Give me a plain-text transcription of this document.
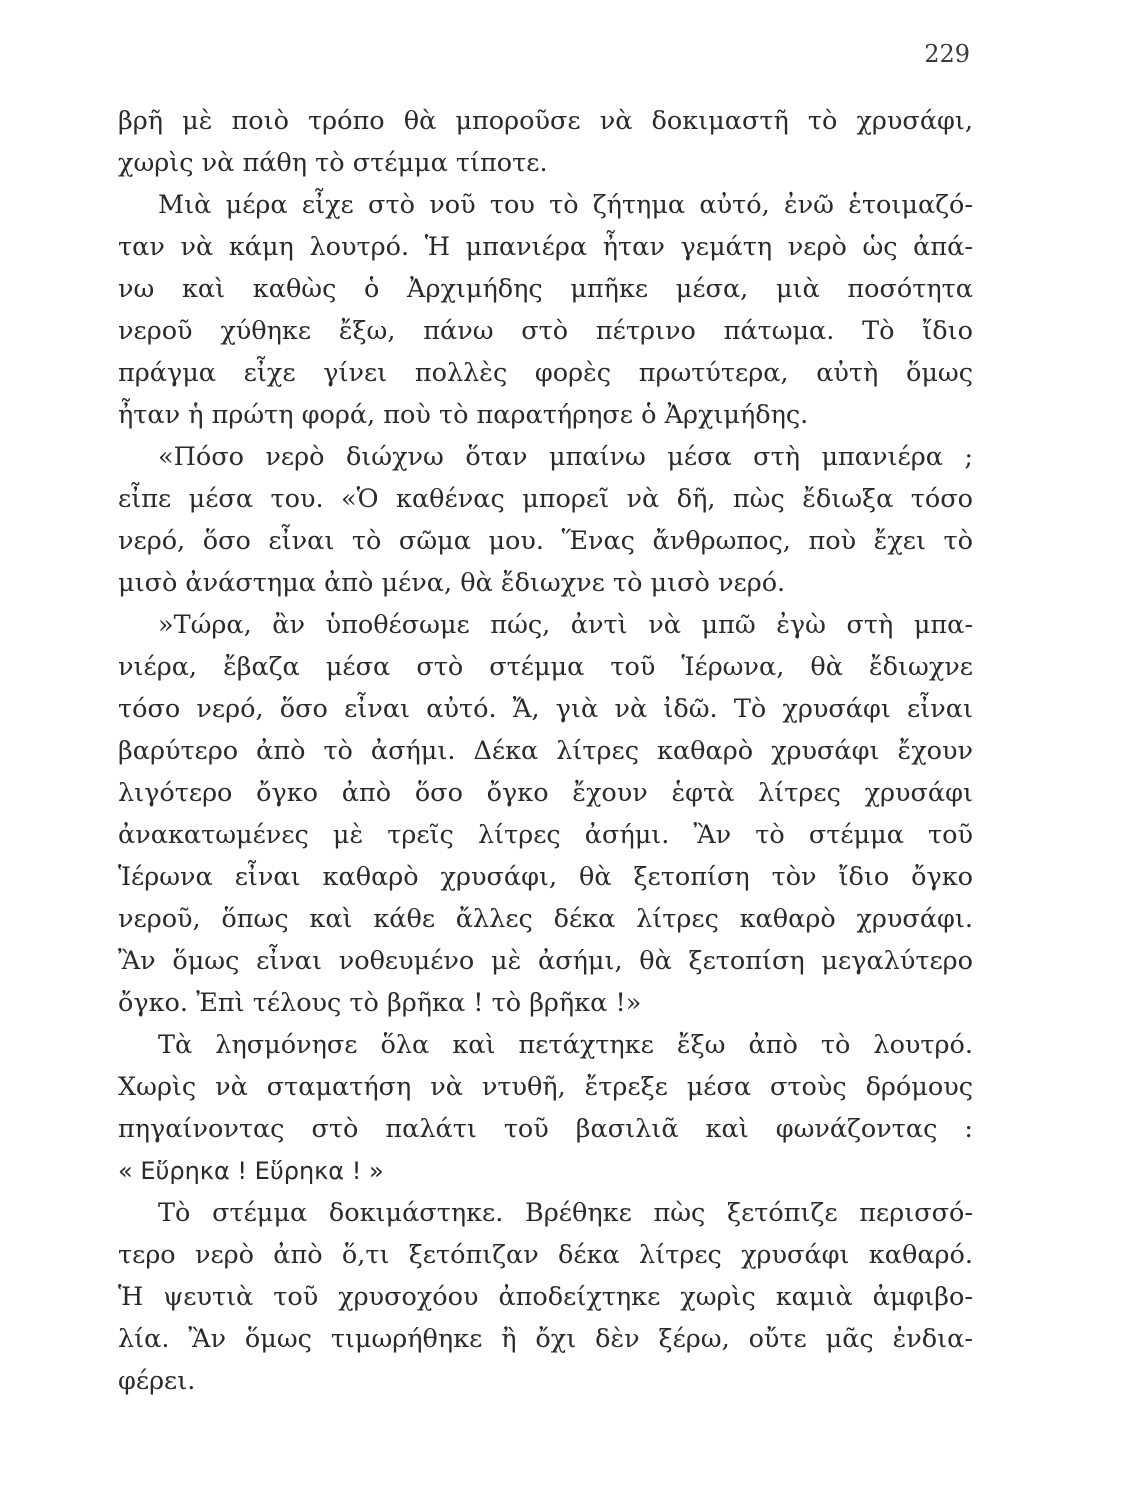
229
βρῆ μὲ ποιὸ τρόπο θὰ μποροῦσε νὰ δοκιμαστῆ τὸ χρυσάφι,
χωρὶς νὰ πάθη τὸ στέμμα τίποτε.
Μιὰ μέρα εἶχε στὸ νοῦ του τὸ ζήτημα αὐτό, ἐνῶ ἑτοιμαζό-
ταν νὰ κάμη λουτρό. Ἡ μπανιέρα ἦταν γεμάτη νερὸ ὡς ἀπά-
νω καὶ καθὼς ὁ Ἀρχιμήδης μπῆκε μέσα, μιὰ ποσότητα
νεροῦ χύθηκε ἔξω, πάνω στὸ πέτρινο πάτωμα. Τὸ ἴδιο
πράγμα εἶχε γίνει πολλὲς φορὲς πρωτύτερα, αὐτὴ ὅμως
ἦταν ἡ πρώτη φορά, ποὺ τὸ παρατήρησε ὁ Ἀρχιμήδης.
«Πόσο νερὸ διώχνω ὅταν μπαίνω μέσα στὴ μπανιέρα ;
εἶπε μέσα του. «Ὁ καθένας μπορεῖ νὰ δῆ, πὼς ἔδιωξα τόσο
νερό, ὅσο εἶναι τὸ σῶμα μου. Ἕνας ἄνθρωπος, ποὺ ἔχει τὸ
μισὸ ἀνάστημα ἀπὸ μένα, θὰ ἔδιωχνε τὸ μισὸ νερό.
»Τώρα, ἂν ὑποθέσωμε πώς, ἀντὶ νὰ μπῶ ἐγὼ στὴ μπα-
νιέρα, ἔβαζα μέσα στὸ στέμμα τοῦ Ἱέρωνα, θὰ ἔδιωχνε
τόσο νερό, ὅσο εἶναι αὐτό. Ἄ, γιὰ νὰ ἰδῶ. Τὸ χρυσάφι εἶναι
βαρύτερο ἀπὸ τὸ ἀσήμι. Δέκα λίτρες καθαρὸ χρυσάφι ἔχουν
λιγότερο ὄγκο ἀπὸ ὅσο ὄγκο ἔχουν ἑφτὰ λίτρες χρυσάφι
ἀνακατωμένες μὲ τρεῖς λίτρες ἀσήμι. Ἂν τὸ στέμμα τοῦ
Ἱέρωνα εἶναι καθαρὸ χρυσάφι, θὰ ξετοπίση τὸν ἴδιο ὄγκο
νεροῦ, ὅπως καὶ κάθε ἄλλες δέκα λίτρες καθαρὸ χρυσάφι.
Ἂν ὅμως εἶναι νοθευμένο μὲ ἀσήμι, θὰ ξετοπίση μεγαλύτερο
ὄγκο. Ἐπὶ τέλους τὸ βρῆκα ! τὸ βρῆκα !»
Τὰ λησμόνησε ὅλα καὶ πετάχτηκε ἔξω ἀπὸ τὸ λουτρό.
Χωρὶς νὰ σταματήση νὰ ντυθῆ, ἔτρεξε μέσα στοὺς δρόμους
πηγαίνοντας στὸ παλάτι τοῦ βασιλιᾶ καὶ φωνάζοντας :
« Εὕρηκα ! Εὕρηκα ! »
Τὸ στέμμα δοκιμάστηκε. Βρέθηκε πὼς ξετόπιζε περισσό-
τερο νερὸ ἀπὸ ὅ,τι ξετόπιζαν δέκα λίτρες χρυσάφι καθαρό.
Ἡ ψευτιὰ τοῦ χρυσοχόου ἀποδείχτηκε χωρὶς καμιὰ ἀμφιβο-
λία. Ἂν ὅμως τιμωρήθηκε ἢ ὄχι δὲν ξέρω, οὔτε μᾶς ἐνδια-
φέρει.
